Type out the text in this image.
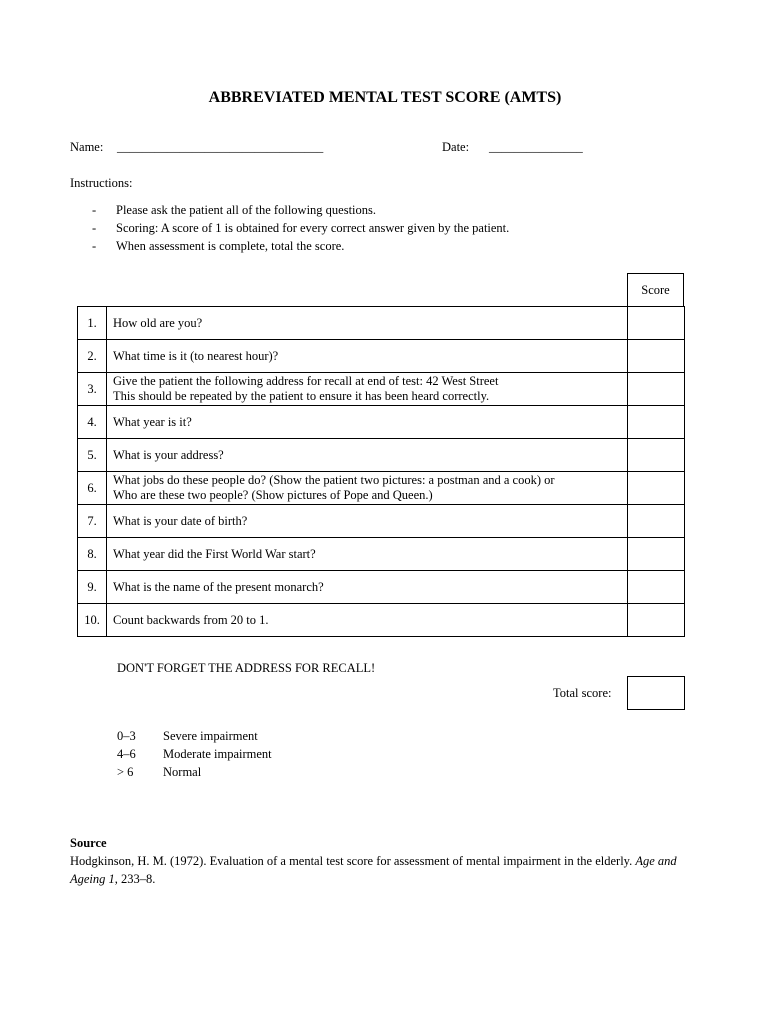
ABBREVIATED MENTAL TEST SCORE (AMTS)
Name: _________________________________	Date: _______________
Instructions:
- Please ask the patient all of the following questions.
- Scoring: A score of 1 is obtained for every correct answer given by the patient.
- When assessment is complete, total the score.
Score
1.	How old are you?	

2.	What time is it (to nearest hour)?	

3.	Give the patient the following address for recall at end of test: 42 West Street
This should be repeated by the patient to ensure it has been heard correctly.	

4.	What year is it?	

5.	What is your address?	

6.	What jobs do these people do? (Show the patient two pictures: a postman and a cook) or
Who are these two people? (Show pictures of Pope and Queen.)	

7.	What is your date of birth?	

8.	What year did the First World War start?	

9.	What is the name of the present monarch?	

10.	Count backwards from 20 to 1.	

DON'T FORGET THE ADDRESS FOR RECALL!
Total score:
0–3 Severe impairment
4–6 Moderate impairment
> 6 Normal
Source
Hodgkinson, H. M. (1972). Evaluation of a mental test score for assessment of mental impairment in the elderly. Age and Ageing 1, 233–8.
